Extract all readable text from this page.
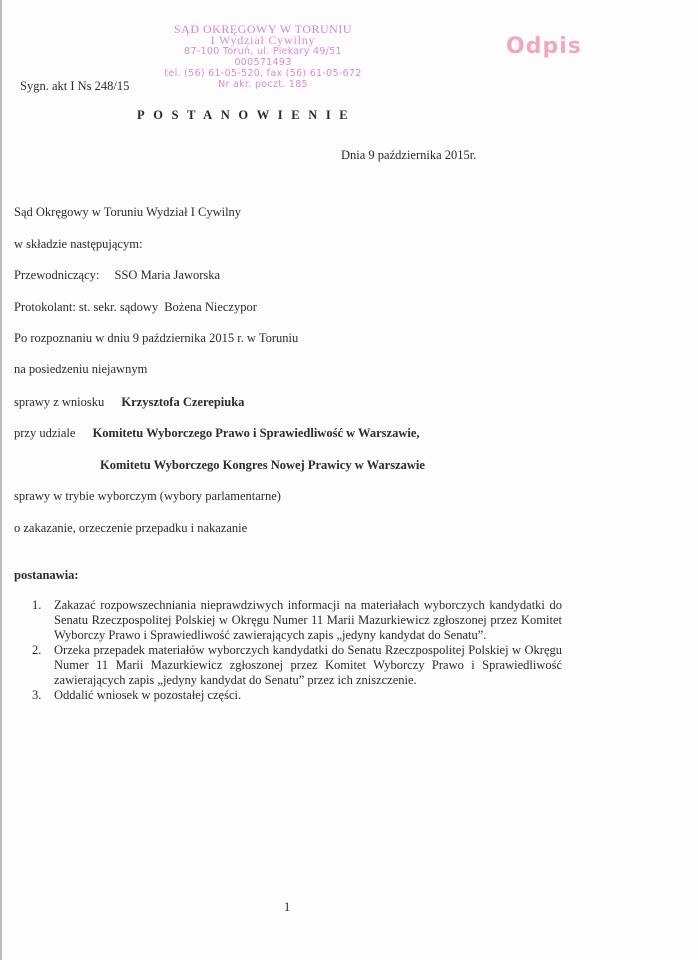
SĄD OKRĘGOWY W TORUNIU
I Wydział Cywilny
87-100 Toruń, ul. Piekary 49/51
000571493
tel. (56) 61-05-520, fax (56) 61-05-672
Nr akr. poczt. 185
Odpis
Sygn. akt I Ns 248/15
POSTANOWIENIE
Dnia 9 października 2015r.
Sąd Okręgowy w Toruniu Wydział I Cywilny
w składzie następującym:
Przewodniczący: SSO Maria Jaworska
Protokolant: st. sekr. sądowy Bożena Nieczypor
Po rozpoznaniu w dniu 9 października 2015 r. w Toruniu
na posiedzeniu niejawnym
sprawy z wniosku Krzysztofa Czerepiuka
przy udziale Komitetu Wyborczego Prawo i Sprawiedliwość w Warszawie,
Komitetu Wyborczego Kongres Nowej Prawicy w Warszawie
sprawy w trybie wyborczym (wybory parlamentarne)
o zakazanie, orzeczenie przepadku i nakazanie
postanawia:
1. Zakazać rozpowszechniania nieprawdziwych informacji na materiałach wyborczych kandydatki do Senatu Rzeczpospolitej Polskiej w Okręgu Numer 11 Marii Mazurkiewicz zgłoszonej przez Komitet Wyborczy Prawo i Sprawiedliwość zawierających zapis „jedyny kandydat do Senatu”.
2. Orzeka przepadek materiałów wyborczych kandydatki do Senatu Rzeczpospolitej Polskiej w Okręgu Numer 11 Marii Mazurkiewicz zgłoszonej przez Komitet Wyborczy Prawo i Sprawiedliwość zawierających zapis „jedyny kandydat do Senatu” przez ich zniszczenie.
3. Oddalić wniosek w pozostałej części.
1
